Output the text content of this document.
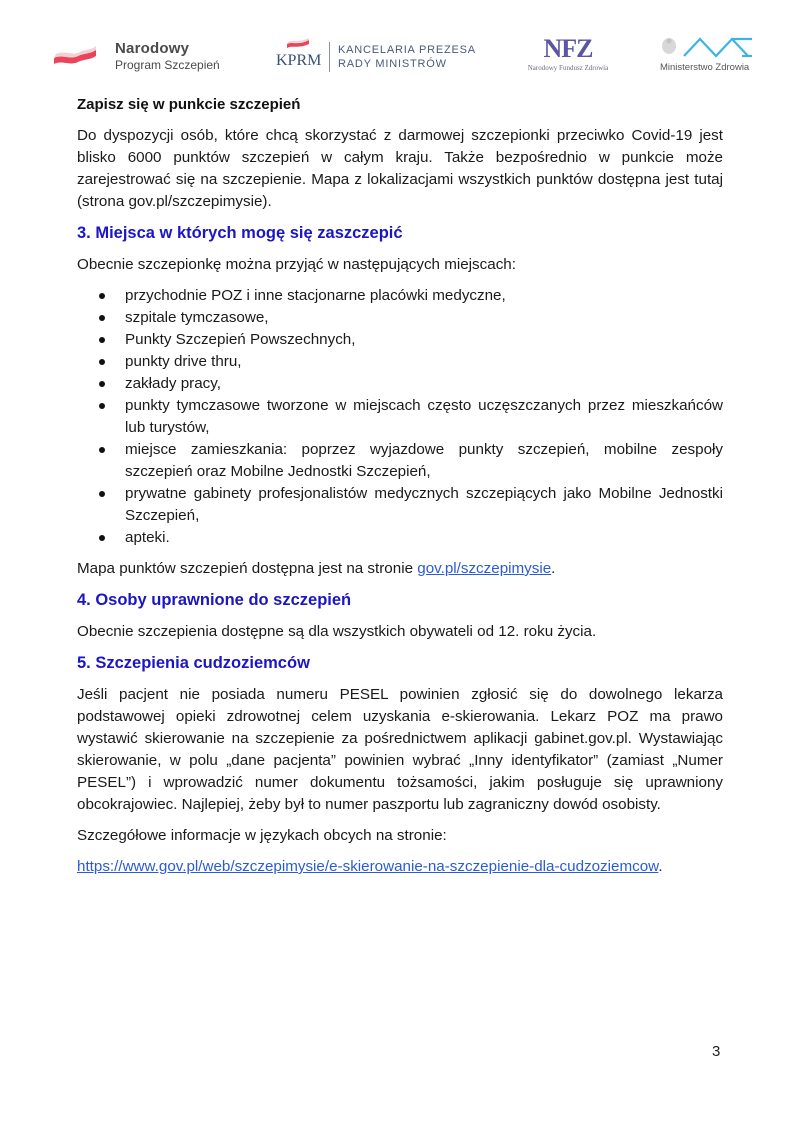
Narodowy
Program Szczepień	KPRM
KANCELARIA PREZESA
RADY MINISTRÓW
NFZ
Narodowy Fundusz Zdrowia	Ministerstwo Zdrowia
Zapisz się w punkcie szczepień

Do dyspozycji osób, które chcą skorzystać z darmowej szczepionki przeciwko Covid-19 jest blisko 6000 punktów szczepień w całym kraju. Także bezpośrednio w punkcie może zarejestrować się na szczepienie. Mapa z lokalizacjami wszystkich punktów dostępna jest tutaj (strona gov.pl/szczepimysie).

3. Miejsca w których mogę się zaszczepić

Obecnie szczepionkę można przyjąć w następujących miejscach:

przychodnie POZ i inne stacjonarne placówki medyczne,
szpitale tymczasowe,
Punkty Szczepień Powszechnych,
punkty drive thru,
zakłady pracy,
punkty tymczasowe tworzone w miejscach często uczęszczanych przez mieszkańców lub turystów,
miejsce zamieszkania: poprzez wyjazdowe punkty szczepień, mobilne zespoły szczepień oraz Mobilne Jednostki Szczepień,
prywatne gabinety profesjonalistów medycznych szczepiących jako Mobilne Jednostki Szczepień,
apteki.

Mapa punktów szczepień dostępna jest na stronie gov.pl/szczepimysie.

4. Osoby uprawnione do szczepień

Obecnie szczepienia dostępne są dla wszystkich obywateli od 12. roku życia.

5. Szczepienia cudzoziemców

Jeśli pacjent nie posiada numeru PESEL powinien zgłosić się do dowolnego lekarza podstawowej opieki zdrowotnej celem uzyskania e-skierowania. Lekarz POZ ma prawo wystawić skierowanie na szczepienie za pośrednictwem aplikacji gabinet.gov.pl. Wystawiając skierowanie, w polu „dane pacjenta” powinien wybrać „Inny identyfikator” (zamiast „Numer PESEL”) i wprowadzić numer dokumentu tożsamości, jakim posługuje się uprawniony obcokrajowiec. Najlepiej, żeby był to numer paszportu lub zagraniczny dowód osobisty.

Szczegółowe informacje w językach obcych na stronie:

https://www.gov.pl/web/szczepimysie/e-skierowanie-na-szczepienie-dla-cudzoziemcow.

3
